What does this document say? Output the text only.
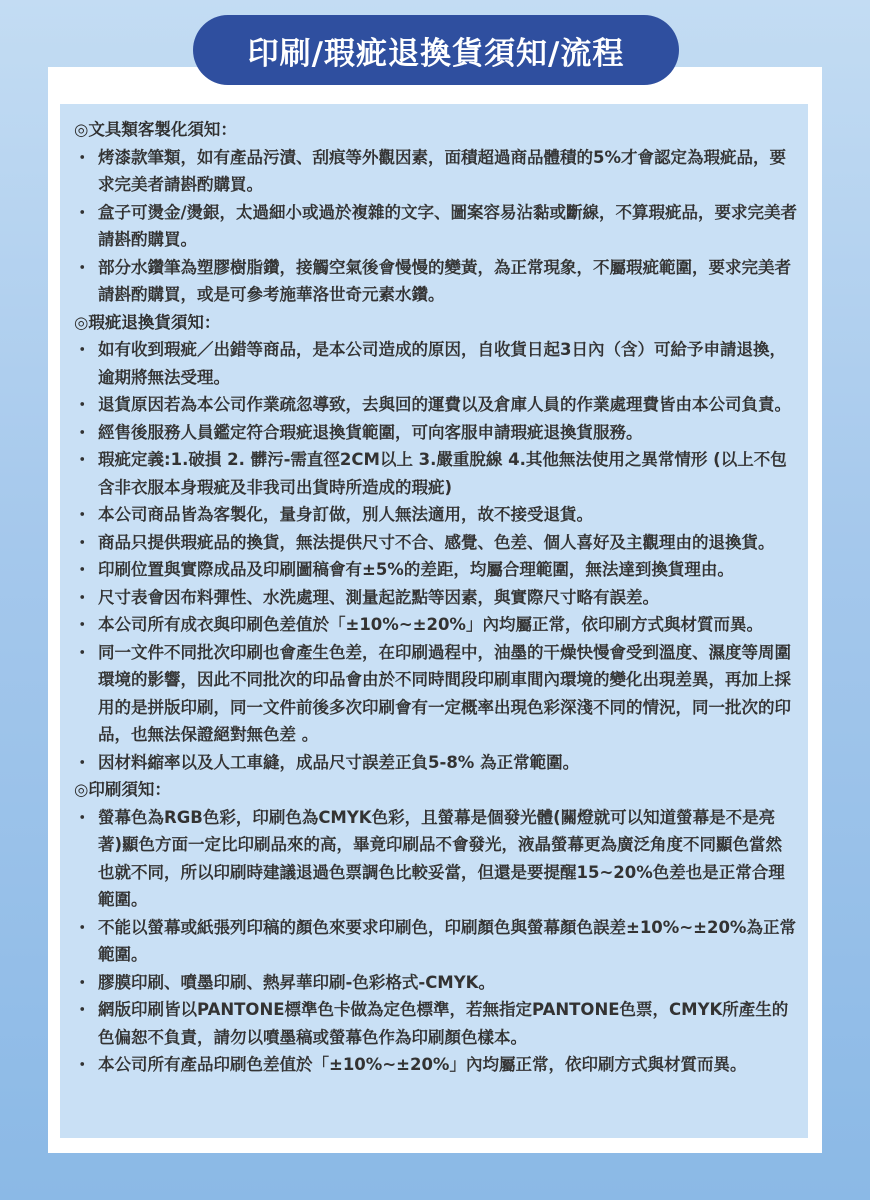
印刷/瑕疵退換貨須知/流程
◎文具類客製化須知：
・ 烤漆款筆類，如有產品污漬、刮痕等外觀因素，面積超過商品體積的5%才會認定為瑕疵品，要求完美者請斟酌購買。
・ 盒子可燙金/燙銀，太過細小或過於複雜的文字、圖案容易沾黏或斷線，不算瑕疵品，要求完美者請斟酌購買。
・ 部分水鑽筆為塑膠樹脂鑽，接觸空氣後會慢慢的變黃，為正常現象，不屬瑕疵範圍，要求完美者請斟酌購買，或是可參考施華洛世奇元素水鑽。
◎瑕疵退換貨須知：
・ 如有收到瑕疵／出錯等商品，是本公司造成的原因，自收貨日起3日內（含）可給予申請退換，逾期將無法受理。
・ 退貨原因若為本公司作業疏忽導致，去與回的運費以及倉庫人員的作業處理費皆由本公司負責。
・ 經售後服務人員鑑定符合瑕疵退換貨範圍，可向客服申請瑕疵退換貨服務。
・ 瑕疵定義:1.破損 2. 髒污-需直徑2CM以上 3.嚴重脫線 4.其他無法使用之異常情形 (以上不包含非衣服本身瑕疵及非我司出貨時所造成的瑕疵)
・ 本公司商品皆為客製化，量身訂做，別人無法適用，故不接受退貨。
・ 商品只提供瑕疵品的換貨，無法提供尺寸不合、感覺、色差、個人喜好及主觀理由的退換貨。
・ 印刷位置與實際成品及印刷圖稿會有±5%的差距，均屬合理範圍，無法達到換貨理由。
・ 尺寸表會因布料彈性、水洗處理、測量起訖點等因素，與實際尺寸略有誤差。
・ 本公司所有成衣與印刷色差值於「±10%~±20%」內均屬正常，依印刷方式與材質而異。
・ 同一文件不同批次印刷也會產生色差，在印刷過程中，油墨的干燥快慢會受到溫度、濕度等周圍環境的影響，因此不同批次的印品會由於不同時間段印刷車間內環境的變化出現差異，再加上採用的是拼版印刷，同一文件前後多次印刷會有一定概率出現色彩深淺不同的情況，同一批次的印品，也無法保證絕對無色差 。
・ 因材料縮率以及人工車縫，成品尺寸誤差正負5-8% 為正常範圍。
◎印刷須知：
・ 螢幕色為RGB色彩，印刷色為CMYK色彩，且螢幕是個發光體(關燈就可以知道螢幕是不是亮著)顯色方面一定比印刷品來的高，畢竟印刷品不會發光，液晶螢幕更為廣泛角度不同顯色當然也就不同，所以印刷時建議退過色票調色比較妥當，但還是要提醒15~20%色差也是正常合理範圍。
・ 不能以螢幕或紙張列印稿的顏色來要求印刷色，印刷顏色與螢幕顏色誤差±10%~±20%為正常範圍。
・ 膠膜印刷、噴墨印刷、熱昇華印刷-色彩格式-CMYK。
・ 網版印刷皆以PANTONE標準色卡做為定色標準，若無指定PANTONE色票，CMYK所產生的色偏恕不負責，請勿以噴墨稿或螢幕色作為印刷顏色樣本。
・ 本公司所有產品印刷色差值於「±10%~±20%」內均屬正常，依印刷方式與材質而異。
